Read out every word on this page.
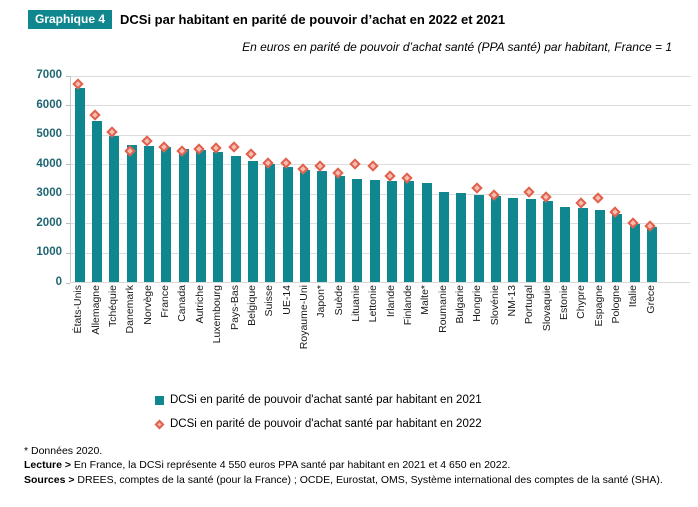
Graphique 4	DCSi par habitant en parité de pouvoir d’achat en 2022 et 2021
En euros en parité de pouvoir d’achat santé (PPA santé) par habitant, France = 1
0
1000
2000
3000
4000
5000
6000
7000
États-Unis Allemagne Tchéquie Danemark Norvège France Canada Autriche Luxembourg Pays-Bas Belgique Suisse UE-14 Royaume-Uni Japon* Suède Lituanie Lettonie Irlande Finlande Malte* Roumanie Bulgarie Hongrie Slovénie NM-13 Portugal Slovaquie Estonie Chypre Espagne Pologne Italie Grèce
DCSi en parité de pouvoir d'achat santé par habitant en 2021
DCSi en parité de pouvoir d'achat santé par habitant en 2022
* Données 2020.
Lecture > En France, la DCSi représente 4 550 euros PPA santé par habitant en 2021 et 4 650 en 2022.
Sources > DREES, comptes de la santé (pour la France) ; OCDE, Eurostat, OMS, Système international des comptes de la santé (SHA).
